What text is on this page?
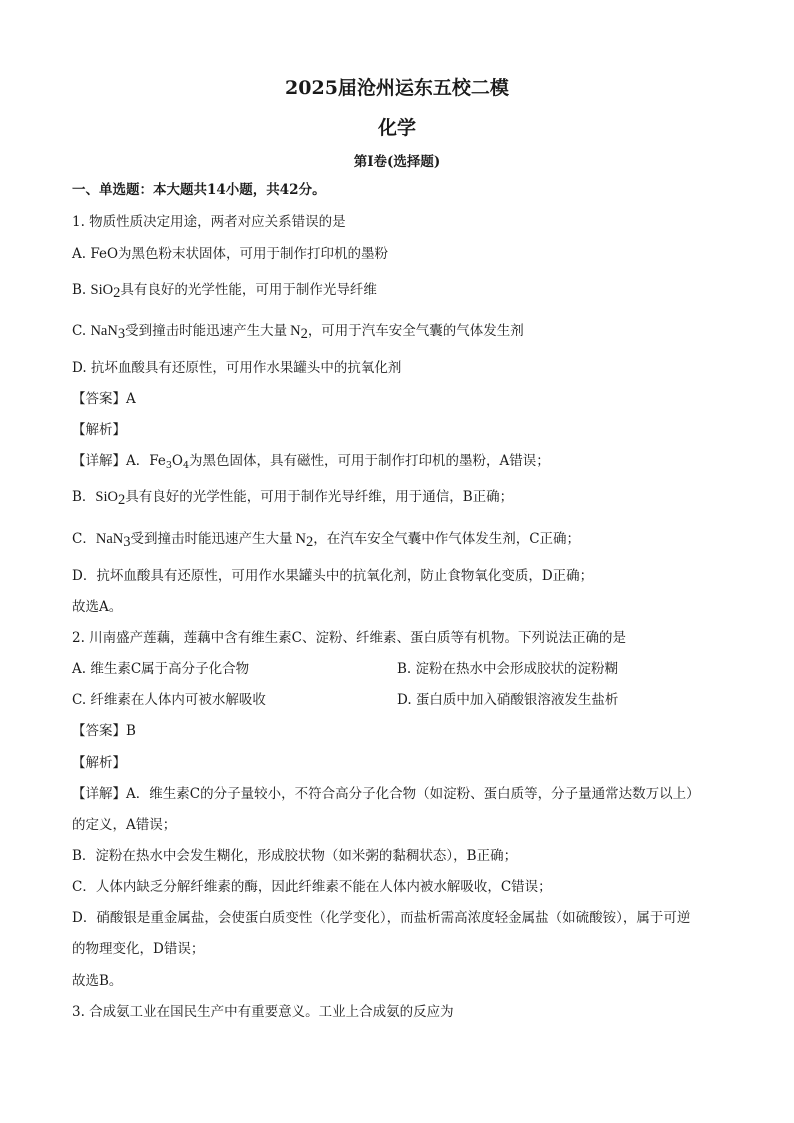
2025届沧州运东五校二模
化学
第I卷(选择题)
一、单选题：本大题共14小题，共42分。
1. 物质性质决定用途，两者对应关系错误的是
A. FeO为黑色粉末状固体，可用于制作打印机的墨粉
B. SiO$_2$具有良好的光学性能，可用于制作光导纤维
C. NaN$_3$受到撞击时能迅速产生大量 $N_2$，可用于汽车安全气囊的气体发生剂
D. 抗坏血酸具有还原性，可用作水果罐头中的抗氧化剂
【答案】A
【解析】
【详解】A．$Fe_3O_4$为黑色固体，具有磁性，可用于制作打印机的墨粉，A错误；
B．SiO$_2$具有良好的光学性能，可用于制作光导纤维，用于通信，B正确；
C．NaN$_3$受到撞击时能迅速产生大量 $N_2$，在汽车安全气囊中作气体发生剂，C正确；
D．抗坏血酸具有还原性，可用作水果罐头中的抗氧化剂，防止食物氧化变质，D正确；
故选A。
2. 川南盛产莲藕，莲藕中含有维生素C、淀粉、纤维素、蛋白质等有机物。下列说法正确的是
A. 维生素C属于高分子化合物	B. 淀粉在热水中会形成胶状的淀粉糊
C. 纤维素在人体内可被水解吸收	D. 蛋白质中加入硝酸银溶液发生盐析
【答案】B
【解析】
【详解】A．维生素C的分子量较小，不符合高分子化合物（如淀粉、蛋白质等，分子量通常达数万以上）
的定义，A错误；
B．淀粉在热水中会发生糊化，形成胶状物（如米粥的黏稠状态），B正确；
C．人体内缺乏分解纤维素的酶，因此纤维素不能在人体内被水解吸收，C错误；
D．硝酸银是重金属盐，会使蛋白质变性（化学变化），而盐析需高浓度轻金属盐（如硫酸铵），属于可逆
的物理变化，D错误；
故选B。
3. 合成氨工业在国民生产中有重要意义。工业上合成氨的反应为
